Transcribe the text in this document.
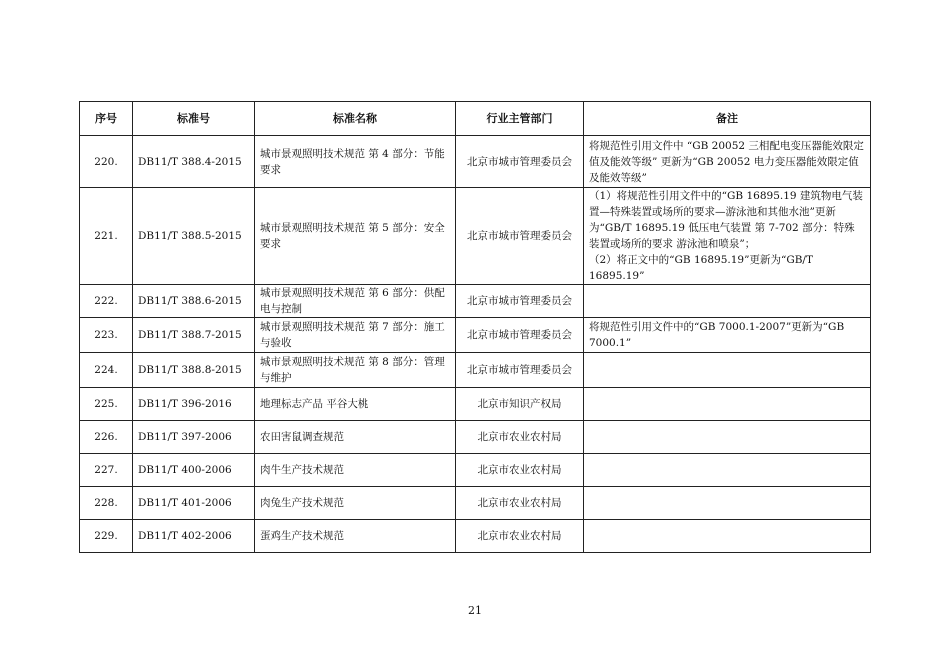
序号	标准号	标准名称	行业主管部门	备注
220.	DB11/T 388.4-2015	城市景观照明技术规范 第 4 部分：节能要求	北京市城市管理委员会	将规范性引用文件中 “GB 20052 三相配电变压器能效限定值及能效等级” 更新为“GB 20052 电力变压器能效限定值及能效等级”
221.	DB11/T 388.5-2015	城市景观照明技术规范 第 5 部分：安全要求	北京市城市管理委员会	（1）将规范性引用文件中的“GB 16895.19 建筑物电气装置—特殊装置或场所的要求—游泳池和其他水池”更新为“GB/T 16895.19 低压电气装置 第 7-702 部分：特殊装置或场所的要求 游泳池和喷泉”；
（2）将正文中的“GB 16895.19”更新为“GB/T 16895.19”
222.	DB11/T 388.6-2015	城市景观照明技术规范 第 6 部分：供配电与控制	北京市城市管理委员会	
223.	DB11/T 388.7-2015	城市景观照明技术规范 第 7 部分：施工与验收	北京市城市管理委员会	将规范性引用文件中的“GB 7000.1-2007”更新为“GB 7000.1”
224.	DB11/T 388.8-2015	城市景观照明技术规范 第 8 部分：管理与维护	北京市城市管理委员会	
225.	DB11/T 396-2016	地理标志产品 平谷大桃	北京市知识产权局	
226.	DB11/T 397-2006	农田害鼠调查规范	北京市农业农村局	
227.	DB11/T 400-2006	肉牛生产技术规范	北京市农业农村局	
228.	DB11/T 401-2006	肉兔生产技术规范	北京市农业农村局	
229.	DB11/T 402-2006	蛋鸡生产技术规范	北京市农业农村局	
21
